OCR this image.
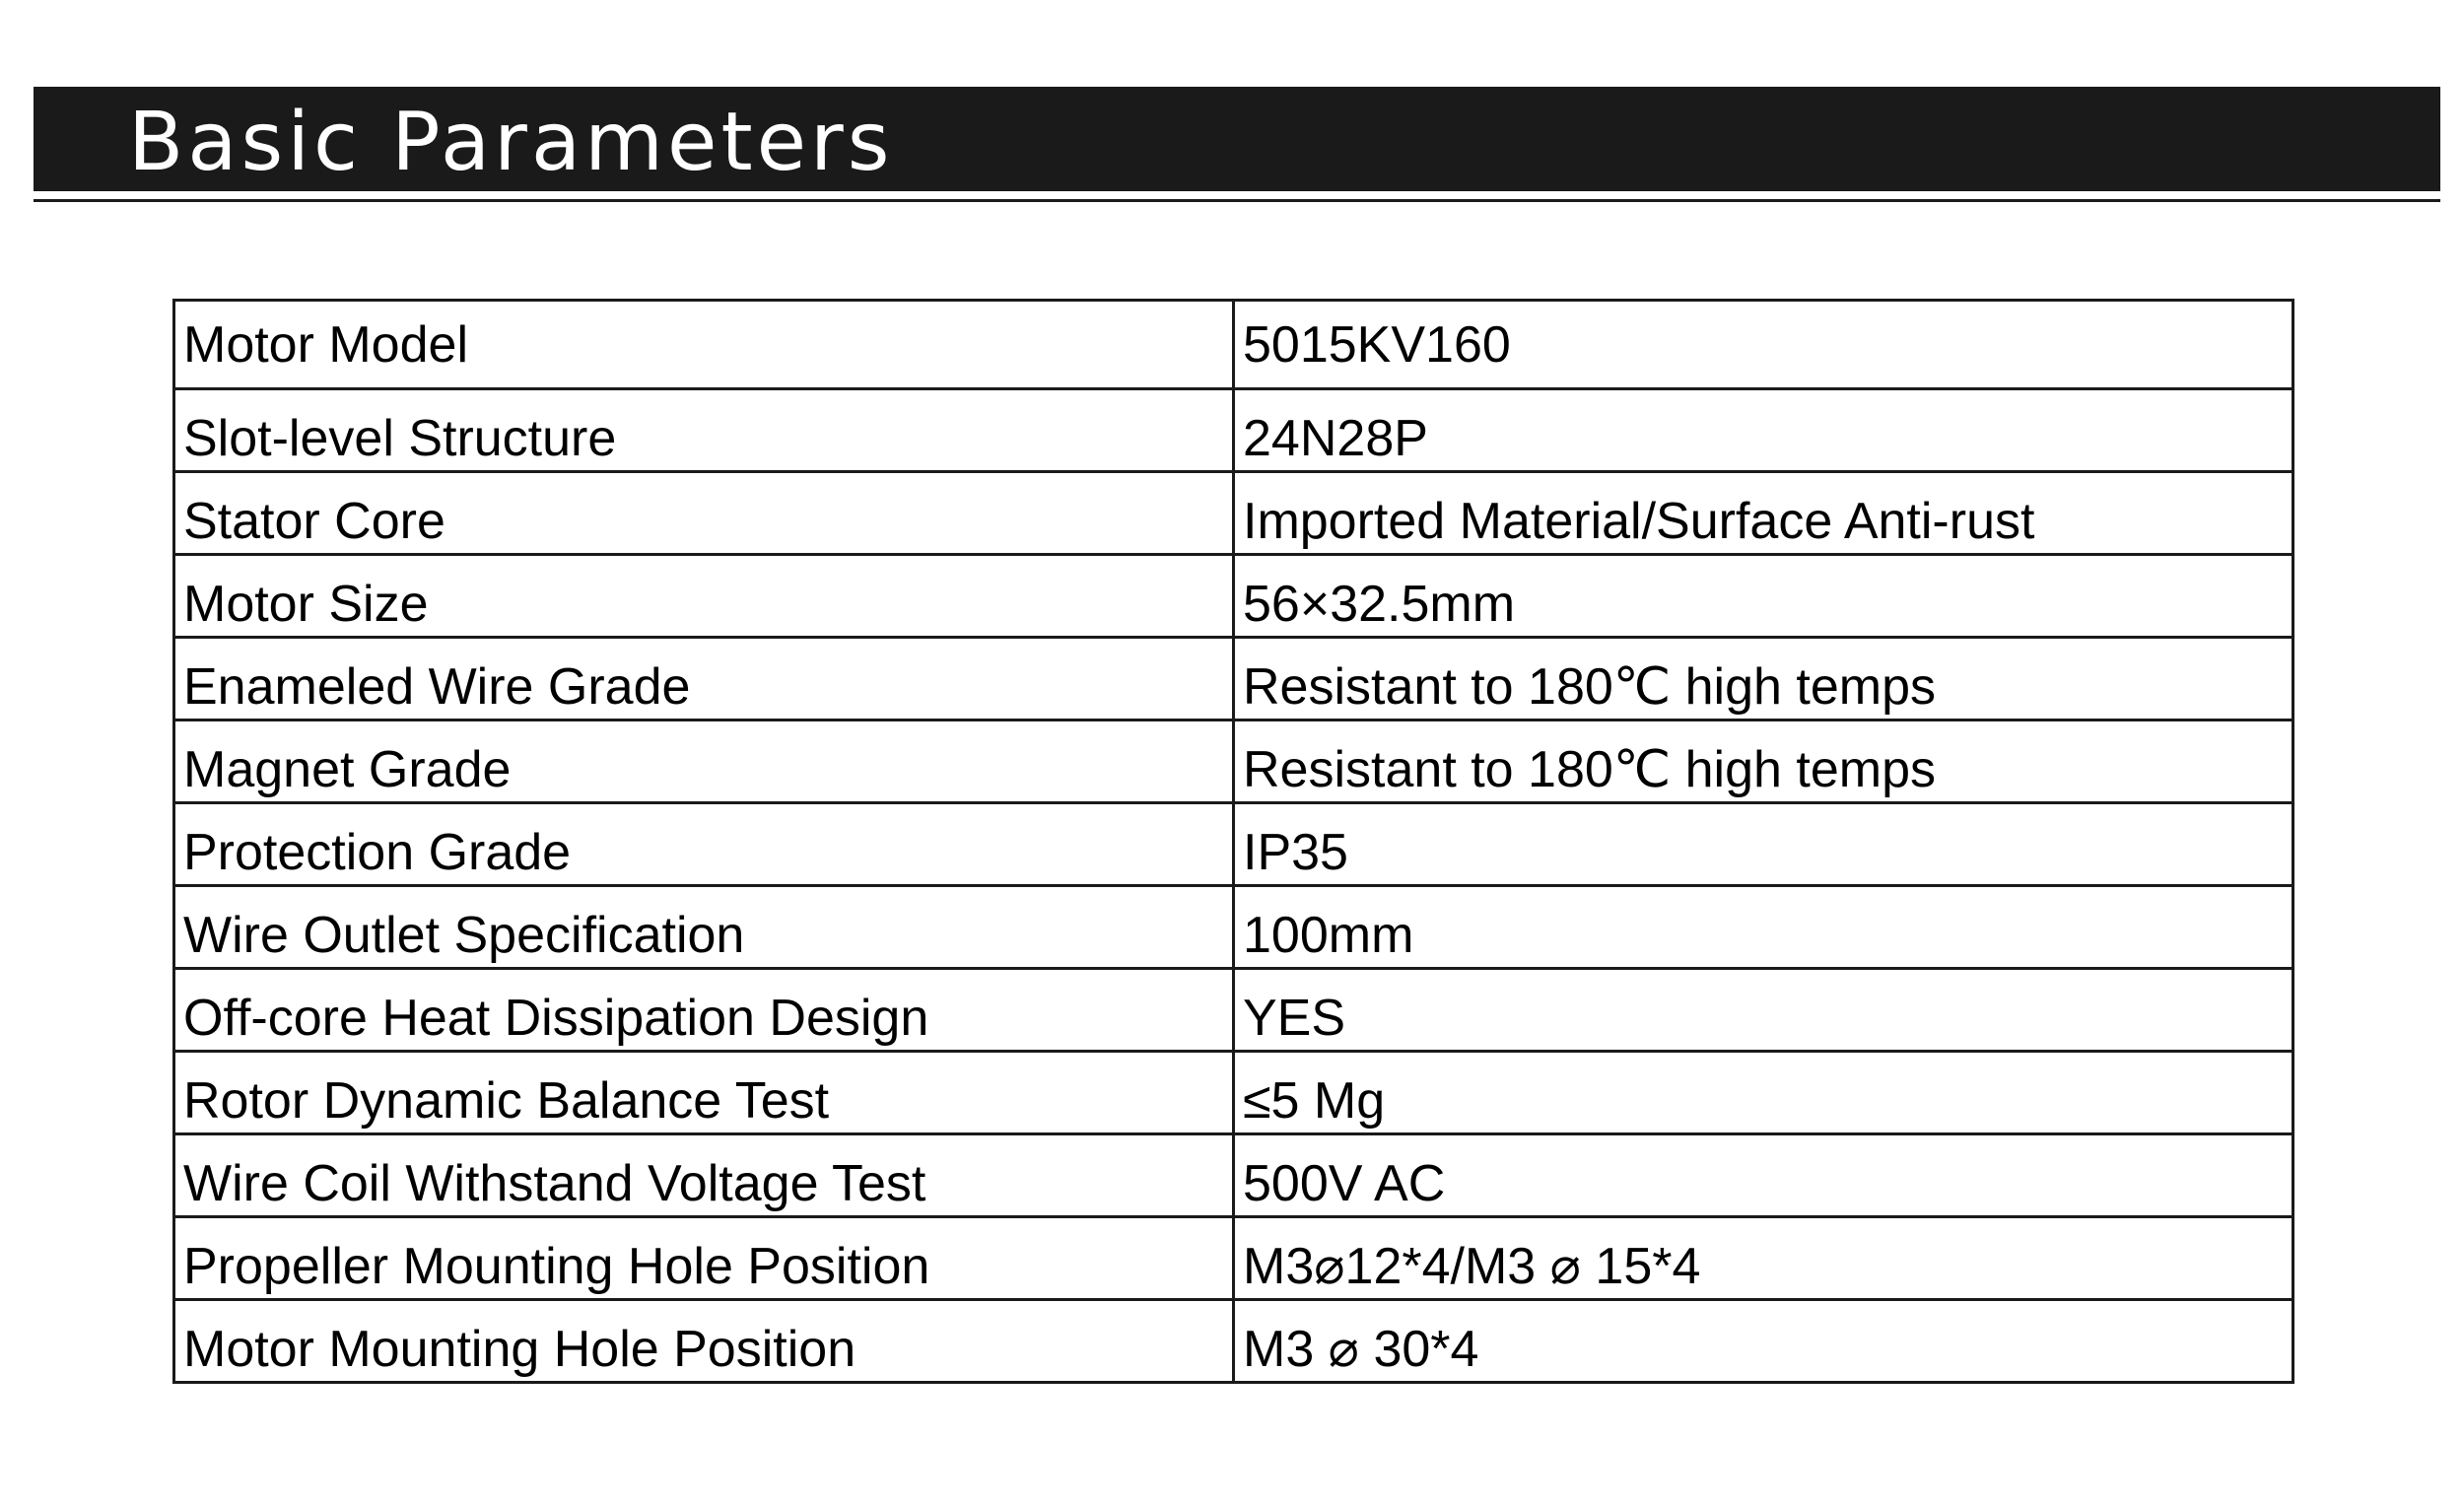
Basic Parameters
Motor Model	5015KV160
Slot-level Structure	24N28P
Stator Core	Imported Material/Surface Anti-rust
Motor Size	56×32.5mm
Enameled Wire Grade	Resistant to 180℃ high temps
Magnet Grade	Resistant to 180℃ high temps
Protection Grade	IP35
Wire Outlet Specification	100mm
Off-core Heat Dissipation Design	YES
Rotor Dynamic Balance Test	≤5 Mg
Wire Coil Withstand Voltage Test	500V AC
Propeller Mounting Hole Position	M3⌀12*4/M3 ⌀ 15*4
Motor Mounting Hole Position	M3 ⌀ 30*4
